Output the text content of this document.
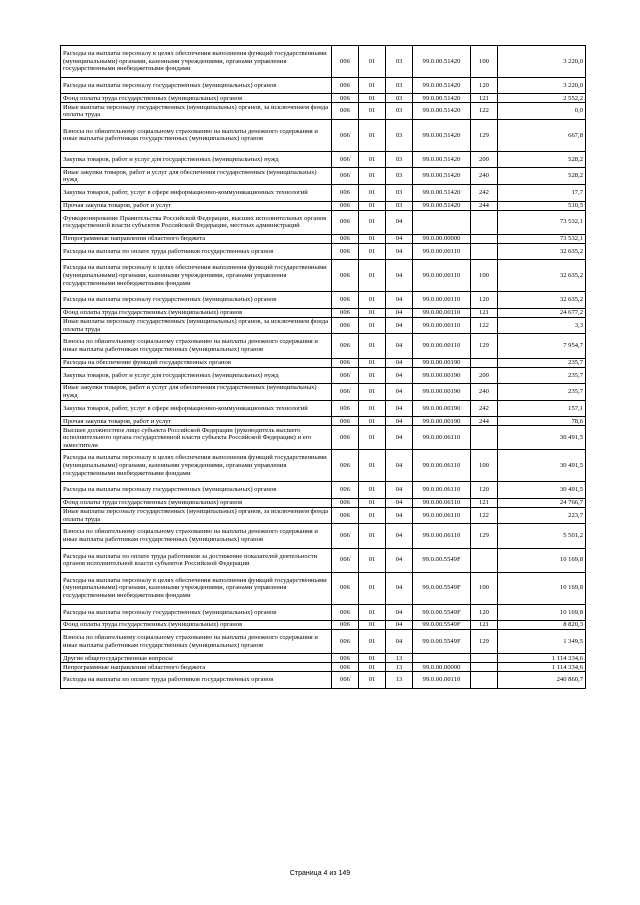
Расходы на выплаты персоналу в целях обеспечения выполнения функций государственными (муниципальными) органами, казенными учреждениями, органами управления государственными внебюджетными фондами	006	01	03	99.0.00.51420	100	3 220,0
Расходы на выплаты персоналу государственных (муниципальных) органов	006	01	03	99.0.00.51420	120	3 220,0
Фонд оплаты труда государственных (муниципальных) органов	006	01	03	99.0.00.51420	121	2 552,2
Иные выплаты персоналу государственных (муниципальных) органов, за исключением фонда оплаты труда	006	01	03	99.0.00.51420	122	0,0
Взносы по обязательному социальному страхованию на выплаты денежного содержания и иные выплаты работникам государственных (муниципальных) органов	006	01	03	99.0.00.51420	129	667,8
Закупка товаров, работ и услуг для государственных (муниципальных) нужд	006	01	03	99.0.00.51420	200	528,2
Иные закупки товаров, работ и услуг для обеспечения государственных (муниципальных) нужд	006	01	03	99.0.00.51420	240	528,2
Закупка товаров, работ, услуг в сфере информационно-коммуникационных технологий	006	01	03	99.0.00.51420	242	17,7
Прочая закупка товаров, работ и услуг	006	01	03	99.0.00.51420	244	510,5
Функционирование Правительства Российской Федерации, высших исполнительных органов государственной власти субъектов Российской Федерации, местных администраций	006	01	04			73 532,1
Непрограммные направления областного бюджета	006	01	04	99.0.00.00000		73 532,1
Расходы на выплаты по оплате труда работников государственных органов	006	01	04	99.0.00.00110		32 635,2
Расходы на выплаты персоналу в целях обеспечения выполнения функций государственными (муниципальными) органами, казенными учреждениями, органами управления государственными внебюджетными фондами	006	01	04	99.0.00.00110	100	32 635,2
Расходы на выплаты персоналу государственных (муниципальных) органов	006	01	04	99.0.00.00110	120	32 635,2
Фонд оплаты труда государственных (муниципальных) органов	006	01	04	99.0.00.00110	121	24 677,2
Иные выплаты персоналу государственных (муниципальных) органов, за исключением фонда оплаты труда	006	01	04	99.0.00.00110	122	3,3
Взносы по обязательному социальному страхованию на выплаты денежного содержания и иные выплаты работникам государственных (муниципальных) органов	006	01	04	99.0.00.00110	129	7 954,7
Расходы на обеспечение функций государственных органов	006	01	04	99.0.00.00190		235,7
Закупка товаров, работ и услуг для государственных (муниципальных) нужд	006	01	04	99.0.00.00190	200	235,7
Иные закупки товаров, работ и услуг для обеспечения государственных (муниципальных) нужд	006	01	04	99.0.00.00190	240	235,7
Закупка товаров, работ, услуг в сфере информационно-коммуникационных технологий	006	01	04	99.0.00.00190	242	157,1
Прочая закупка товаров, работ и услуг	006	01	04	99.0.00.00190	244	78,6
Высшее должностное лицо субъекта Российской Федерации (руководитель высшего исполнительного органа государственной власти субъекта Российской Федерации) и его заместители	006	01	04	99.0.00.06110		30 491,5
Расходы на выплаты персоналу в целях обеспечения выполнения функций государственными (муниципальными) органами, казенными учреждениями, органами управления государственными внебюджетными фондами	006	01	04	99.0.00.06110	100	30 491,5
Расходы на выплаты персоналу государственных (муниципальных) органов	006	01	04	99.0.00.06110	120	30 491,5
Фонд оплаты труда государственных (муниципальных) органов	006	01	04	99.0.00.06110	121	24 766,7
Иные выплаты персоналу государственных (муниципальных) органов, за исключением фонда оплаты труда	006	01	04	99.0.00.06110	122	223,7
Взносы по обязательному социальному страхованию на выплаты денежного содержания и иные выплаты работникам государственных (муниципальных) органов	006	01	04	99.0.00.06110	129	5 501,2
Расходы на выплаты по оплате труда работников за достижение показателей деятельности органов исполнительной власти субъектов Российской Федерации	006	01	04	99.0.00.5549F		10 169,8
Расходы на выплаты персоналу в целях обеспечения выполнения функций государственными (муниципальными) органами, казенными учреждениями, органами управления государственными внебюджетными фондами	006	01	04	99.0.00.5549F	100	10 169,8
Расходы на выплаты персоналу государственных (муниципальных) органов	006	01	04	99.0.00.5549F	120	10 169,8
Фонд оплаты труда государственных (муниципальных) органов	006	01	04	99.0.00.5549F	121	8 820,3
Взносы по обязательному социальному страхованию на выплаты денежного содержания и иные выплаты работникам государственных (муниципальных) органов	006	01	04	99.0.00.5549F	129	1 349,5
Другие общегосударственные вопросы	006	01	13			1 114 334,6
Непрограммные направления областного бюджета	006	01	13	99.0.00.00000		1 114 334,6
Расходы на выплаты по оплате труда работников государственных органов	006	01	13	99.0.00.00110		240 860,7
Страница 4 из 149
